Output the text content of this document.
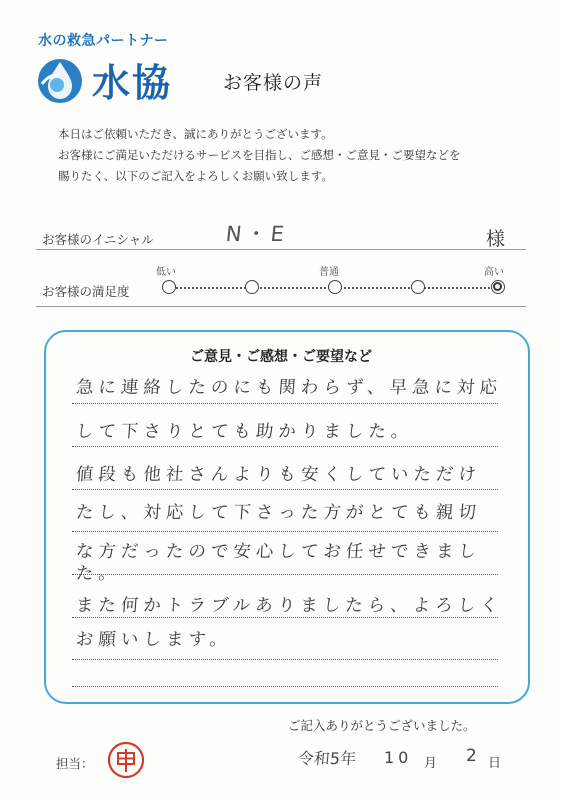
水の救急パートナー
水協	お客様の声
本日はご依頼いただき、誠にありがとうございます。
お客様にご満足いただけるサービスを目指し、ご感想・ご意見・ご要望などを
賜りたく、以下のご記入をよろしくお願い致します。
お客様のイニシャル	N・E	様
お客様の満足度
低い	普通	高い
ご意見・ご感想・ご要望など
急に連絡したのにも関わらず、早急に対応
して下さりとても助かりました。
値段も他社さんよりも安くしていただけ
たし、対応して下さった方がとても親切
な方だったので安心してお任せできまし
た。
また何かトラブルありましたら、よろしく
お願いします。
ご記入ありがとうございました。
担当：	令和5年 10 月 2 日
